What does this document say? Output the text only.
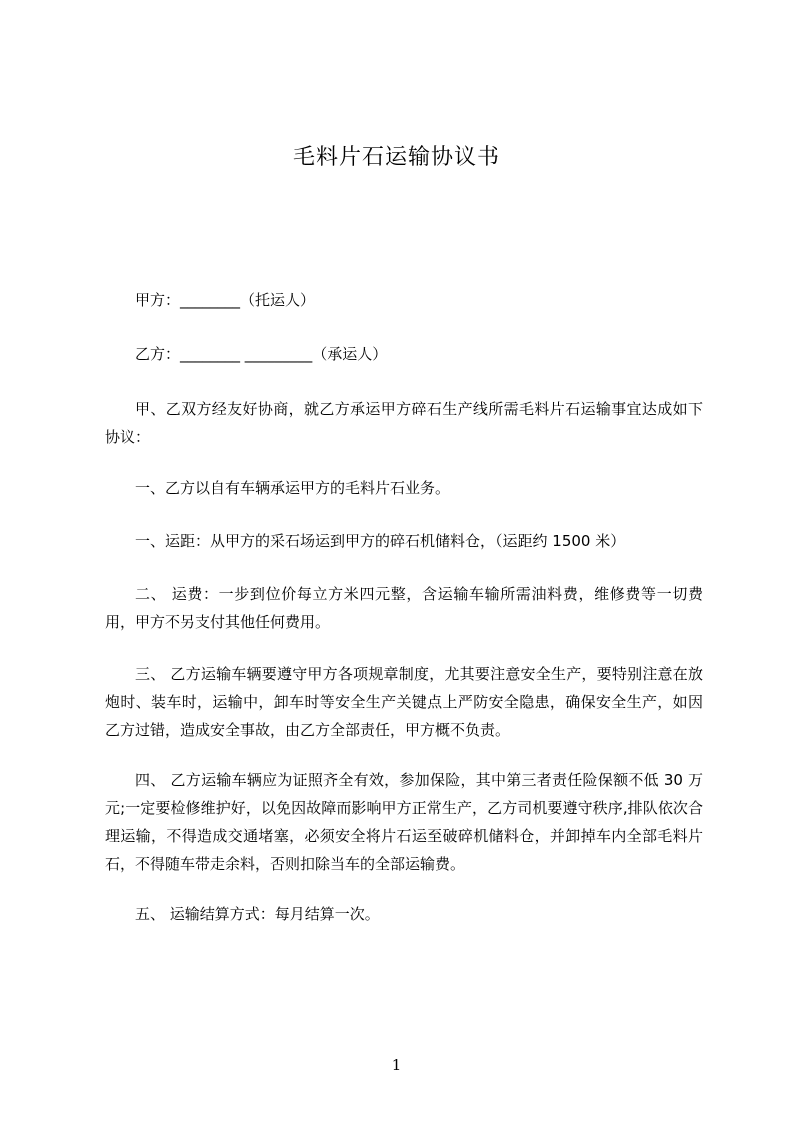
毛料片石运输协议书
甲方：________（托运人）
乙方：________ _________（承运人）
甲、乙双方经友好协商，就乙方承运甲方碎石生产线所需毛料片石运输事宜达成如下协议：
一、乙方以自有车辆承运甲方的毛料片石业务。
一、运距：从甲方的采石场运到甲方的碎石机储料仓，（运距约 1500 米）
二、 运费：一步到位价每立方米四元整，含运输车输所需油料费，维修费等一切费用，甲方不另支付其他任何费用。
三、 乙方运输车辆要遵守甲方各项规章制度，尤其要注意安全生产，要特别注意在放炮时、装车时，运输中，卸车时等安全生产关键点上严防安全隐患，确保安全生产，如因乙方过错，造成安全事故，由乙方全部责任，甲方概不负责。
四、 乙方运输车辆应为证照齐全有效，参加保险，其中第三者责任险保额不低 30 万元;一定要检修维护好，以免因故障而影响甲方正常生产，乙方司机要遵守秩序,排队依次合理运输，不得造成交通堵塞，必须安全将片石运至破碎机储料仓，并卸掉车内全部毛料片石，不得随车带走余料，否则扣除当车的全部运输费。
五、 运输结算方式：每月结算一次。
1
